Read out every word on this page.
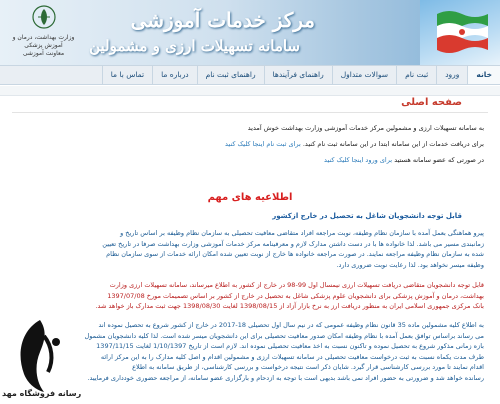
وزارت بهداشت، درمان و آموزش پزشکی
معاونت آموزشی
مرکز خدمات آموزشی
سامانه تسهیلات ارزی و مشمولین
خانه
ورود
ثبت نام
سوالات متداول
راهنمای فرآیندها
راهنمای ثبت نام
درباره ما
تماس با ما
صفحه اصلی
به سامانه تسهیلات ارزی و مشمولین مرکز خدمات آموزشی وزارت بهداشت خوش آمدید
برای دریافت خدمات از این سامانه ابتدا در این سامانه ثبت نام کنید. برای ثبت نام اینجا کلیک کنید
در صورتی که عضو سامانه هستید برای ورود اینجا کلیک کنید
اطلاعیه های مهم
قابل توجه دانشجویان شاغل به تحصیل در خارج ازکشور
پیرو هماهنگی بعمل آمده با سازمان نظام وظیفه، نوبت مراجعه افراد متقاضی معافیت تحصیلی به سازمان نظام وظیفه بر اساس تاریخ و
زمانبندی مسیر می باشد. لذا خانواده ها با در دست داشتن مدارک لازم و معرفینامه مرکز خدمات آموزشی وزارت بهداشت صرفا در تاریخ تعیین
شده به سازمان نظام وظیفه مراجعه نمایند. در صورت مراجعه خانواده ها خارج از نوبت تعیین شده امکان ارائه خدمات از سوی سازمان نظام
وظیفه میسر نخواهد بود. لذا رعایت نوبت ضروری دارد.
قابل توجه دانشجویان متقاضی دریافت تسهیلات ارزی نیمسال اول 99-98 در خارج از کشور به اطلاع میرساند، سامانه تسهیلات ارزی وزارت
بهداشت، درمان و آموزش پزشکی برای دانشجویان علوم پزشکی شاغل به تحصیل در خارج از کشور بر اساس تصمیمات مورخ 1397/07/08
بانک مرکزی جمهوری اسلامی ایران به منظور دریافت ارز به نرخ بازار آزاد از 1398/08/15 لغایت 1398/08/30 جهت ثبت مدارک باز خواهد شد.
به اطلاع کلیه مشمولین ماده 35 قانون نظام وظیفه عمومی که در نیم سال اول تحصیلی 18-2017 در خارج از کشور شروع به تحصیل نموده اند
می رساند براساس توافق بعمل آمده با نظام وظیفه امکان صدور معافیت تحصیلی برای این دانشجویان میسر شده است. لذا کلیه دانشجویان مشمول
بازه زمانی مذکور شروع به تحصیل نموده و تاکنون نسبت به اخذ معافیت تحصیلی نموده اند. لازم است از تاریخ 1/10/1397 لغایت 1397/11/15
طرف مدت یکماه نسبت به ثبت درخواست معافیت تحصیلی در سامانه تسهیلات ارزی و مشمولین اقدام و اصل کلیه مدارک را به این مرکز ارائه
اقدام نمایند تا مورد بررسی کارشناسی قرار گیرد. شایان ذکر است نتیجه درخواست و بررسی کارشناسی، از طریق سامانه به اطلاع
رسانده خواهد شد و ضرورتی به حضور افراد نمی باشد بدیهی است با توجه به ازدحام و بارگزاری عضو سامانه، از مراجعه حضوری خودداری فرمایید.
رسانه فروشگاه مهد
